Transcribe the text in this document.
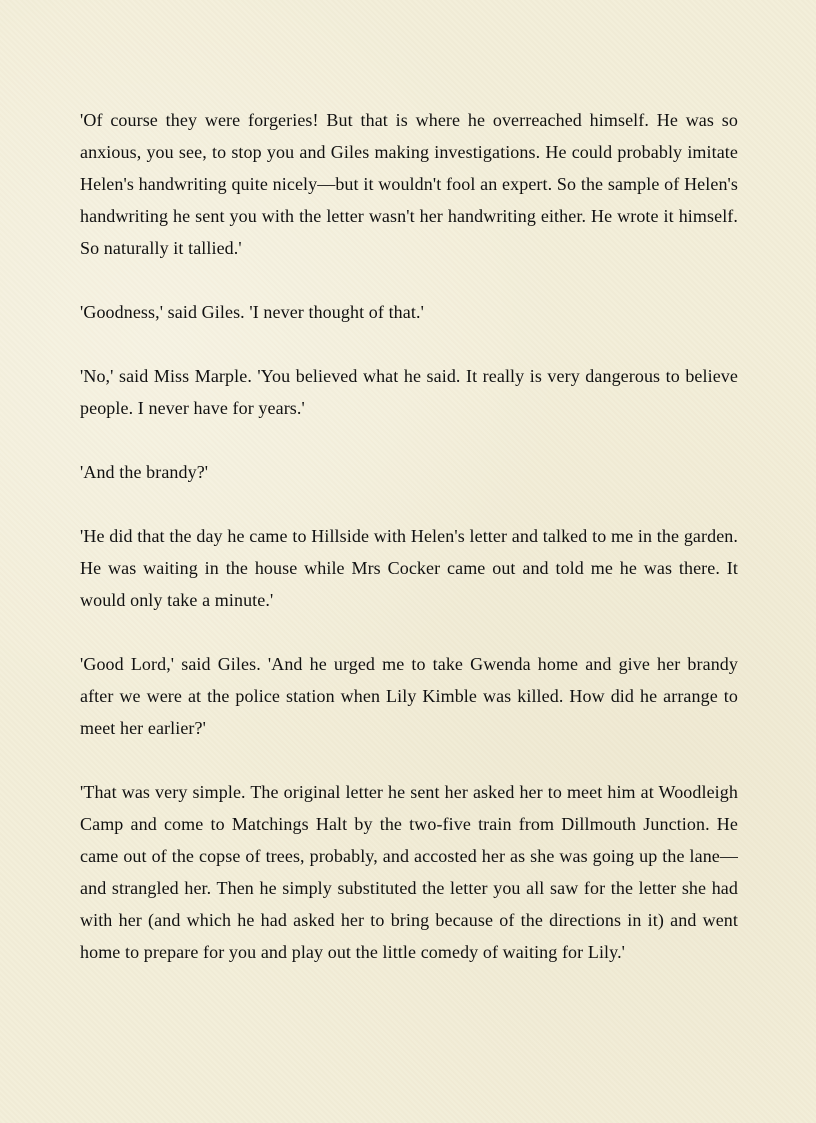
'Of course they were forgeries! But that is where he overreached himself. He was so anxious, you see, to stop you and Giles making investigations. He could probably imitate Helen's handwriting quite nicely—but it wouldn't fool an expert. So the sample of Helen's handwriting he sent you with the letter wasn't her handwriting either. He wrote it himself. So naturally it tallied.'

'Goodness,' said Giles. 'I never thought of that.'

'No,' said Miss Marple. 'You believed what he said. It really is very dangerous to believe people. I never have for years.'

'And the brandy?'

'He did that the day he came to Hillside with Helen's letter and talked to me in the garden. He was waiting in the house while Mrs Cocker came out and told me he was there. It would only take a minute.'

'Good Lord,' said Giles. 'And he urged me to take Gwenda home and give her brandy after we were at the police station when Lily Kimble was killed. How did he arrange to meet her earlier?'

'That was very simple. The original letter he sent her asked her to meet him at Woodleigh Camp and come to Matchings Halt by the two-five train from Dillmouth Junction. He came out of the copse of trees, probably, and accosted her as she was going up the lane—and strangled her. Then he simply substituted the letter you all saw for the letter she had with her (and which he had asked her to bring because of the directions in it) and went home to prepare for you and play out the little comedy of waiting for Lily.'
